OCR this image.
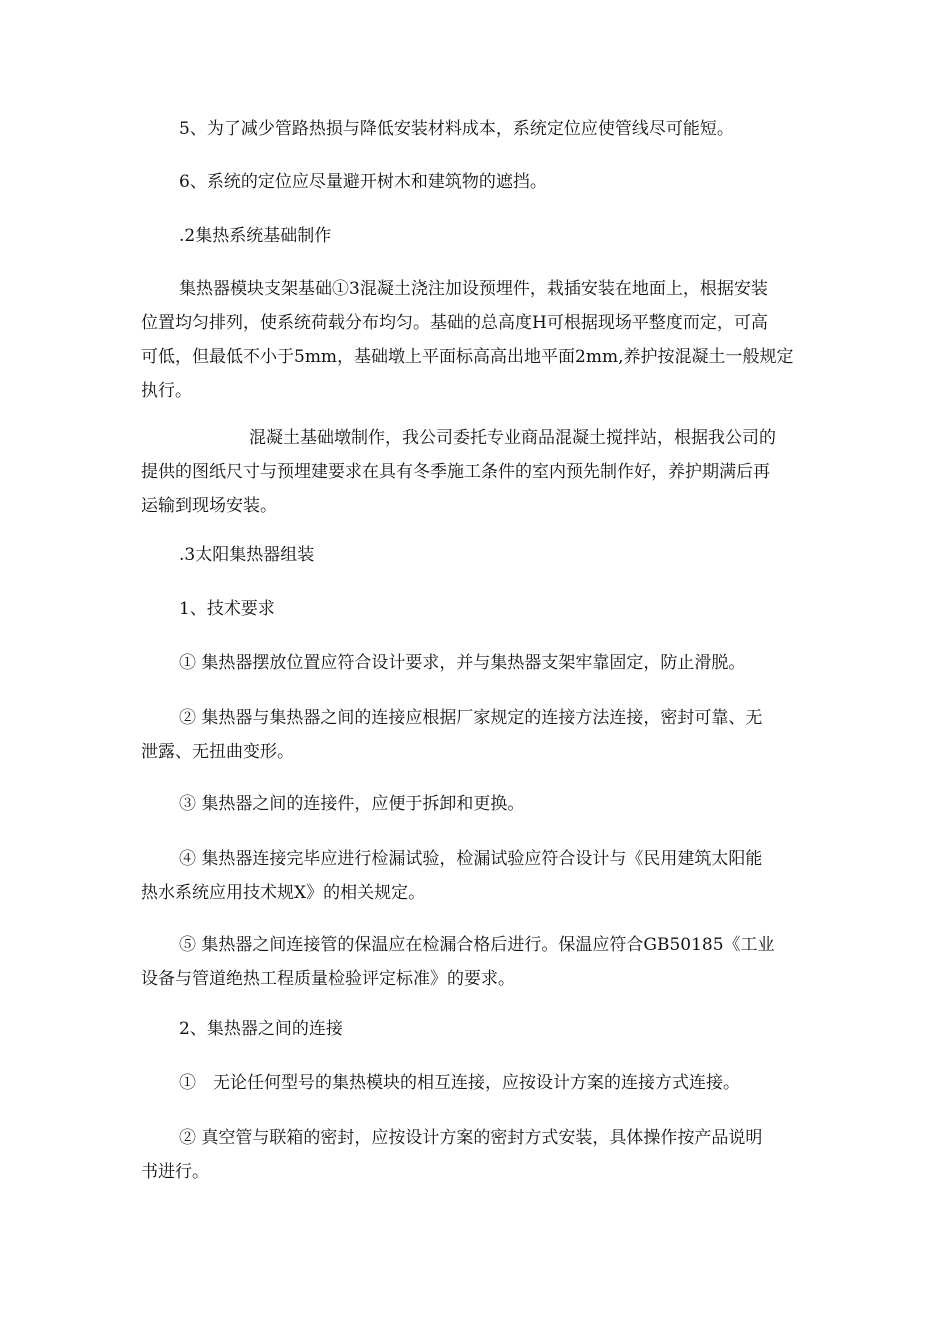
5、为了减少管路热损与降低安装材料成本，系统定位应使管线尽可能短。

6、系统的定位应尽量避开树木和建筑物的遮挡。

.2集热系统基础制作

集热器模块支架基础①3混凝土浇注加设预埋件，栽插安装在地面上，根据安装
位置均匀排列，使系统荷载分布均匀。基础的总高度H可根据现场平整度而定，可高
可低，但最低不小于5mm，基础墩上平面标高高出地平面2mm,养护按混凝土一般规定
执行。

混凝土基础墩制作，我公司委托专业商品混凝土搅拌站，根据我公司的
提供的图纸尺寸与预埋建要求在具有冬季施工条件的室内预先制作好，养护期满后再
运输到现场安装。

.3太阳集热器组装

1、技术要求

① 集热器摆放位置应符合设计要求，并与集热器支架牢靠固定，防止滑脱。

② 集热器与集热器之间的连接应根据厂家规定的连接方法连接，密封可靠、无
泄露、无扭曲变形。

③ 集热器之间的连接件，应便于拆卸和更换。

④ 集热器连接完毕应进行检漏试验，检漏试验应符合设计与《民用建筑太阳能
热水系统应用技术规X》的相关规定。

⑤ 集热器之间连接管的保温应在检漏合格后进行。保温应符合GB50185《工业
设备与管道绝热工程质量检验评定标准》的要求。

2、集热器之间的连接

①　无论任何型号的集热模块的相互连接，应按设计方案的连接方式连接。

② 真空管与联箱的密封，应按设计方案的密封方式安装，具体操作按产品说明
书进行。
